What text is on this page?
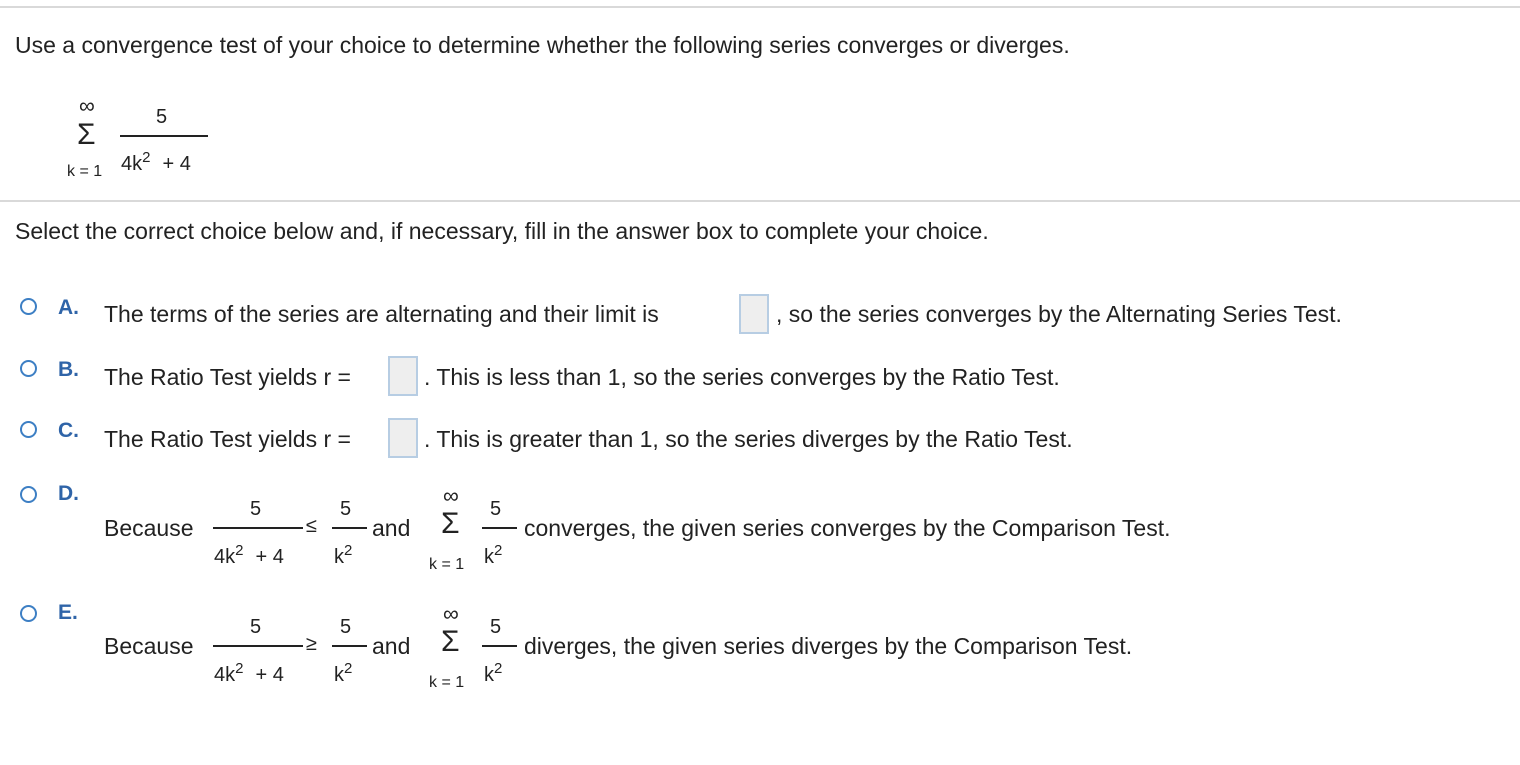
Use a convergence test of your choice to determine whether the following series converges or diverges.
∞
Σ
k = 1
5
$4k^2 + 4$
Select the correct choice below and, if necessary, fill in the answer box to complete your choice.
A. The terms of the series are alternating and their limit is	, so the series converges by the Alternating Series Test.
B. The Ratio Test yields r =	. This is less than 1, so the series converges by the Ratio Test.
C. The Ratio Test yields r =	. This is greater than 1, so the series diverges by the Ratio Test.
D.
Because
5
$4k^2 + 4$
≤
5
$k^2$
and
∞
Σ
k = 1
5
$k^2$
converges, the given series converges by the Comparison Test.
E.
Because
5
$4k^2 + 4$
≥
5
$k^2$
and
∞
Σ
k = 1
5
$k^2$
diverges, the given series diverges by the Comparison Test.
